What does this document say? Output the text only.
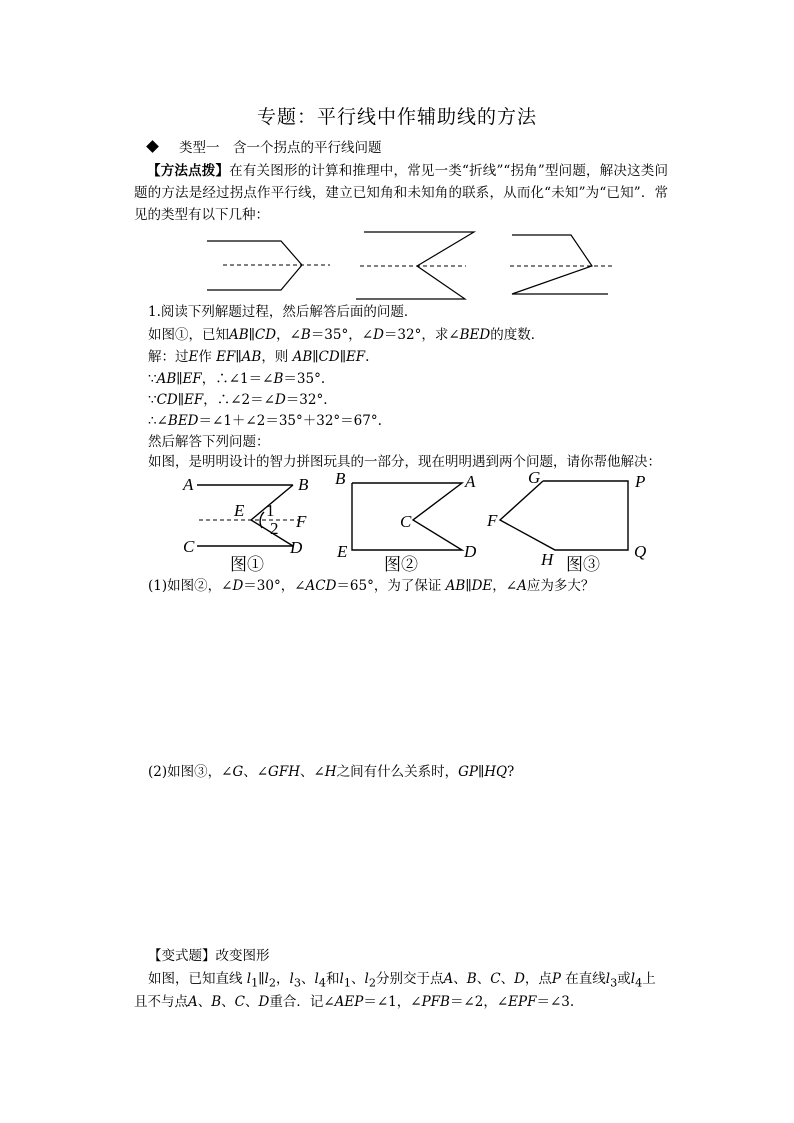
专题：平行线中作辅助线的方法
类型一　含一个拐点的平行线问题
【方法点拨】在有关图形的计算和推理中，常见一类“折线”“拐角”型问题，解决这类问题的方法是经过拐点作平行线，建立已知角和未知角的联系，从而化“未知”为“已知”．常见的类型有以下几种：
1.阅读下列解题过程，然后解答后面的问题．
如图①，已知AB∥CD，∠B＝35°，∠D＝32°，求∠BED的度数．
解：过E作 EF∥AB，则 AB∥CD∥EF.
∵AB∥EF，∴∠1＝∠B＝35°.
∵CD∥EF，∴∠2＝∠D＝32°.
∴∠BED＝∠1＋∠2＝35°＋32°＝67°.
然后解答下列问题：
如图，是明明设计的智力拼图玩具的一部分，现在明明遇到两个问题，请你帮他解决：
A	B
E 1
2 F
C	D
图①
B	A
C
E	D
图②
G	P
F
H	Q
图③
(1)如图②，∠D＝30°，∠ACD＝65°，为了保证 AB∥DE，∠A应为多大？
(2)如图③，∠G、∠GFH、∠H之间有什么关系时，GP∥HQ?
【变式题】改变图形
如图，已知直线 $l_1\parallel l_2$，$l_3$、$l_4$和$l_1$、$l_2$分别交于点A、B、C、D，点P 在直线$l_3$或$l_4$上
且不与点A、B、C、D重合．记∠AEP＝∠1，∠PFB＝∠2，∠EPF＝∠3.
